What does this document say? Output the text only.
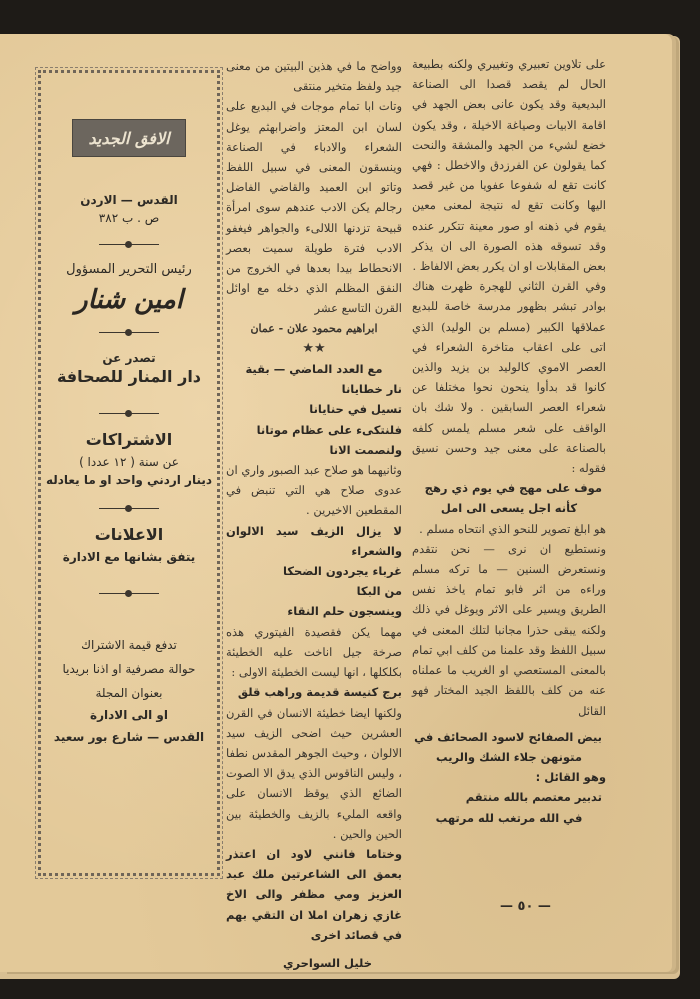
الافق الجديد
القدس — الاردن
ص . ب ٣٨٢
رئيس التحرير المسؤول
امين شنار
تصدر عن
دار المنار للصحافة
الاشتراكات
عن سنة ( ١٢ عددا )
دينار اردني واحد او ما يعادله
الاعلانات
يتفق بشانها مع الادارة
تدفع قيمة الاشتراك
حوالة مصرفية او اذنا بريديا
بعنوان المجلة
او الى الادارة
القدس — شارع بور سعيد

وواضح ما في هذين البيتين من معنى جيد ولفظ متخير منتقى

وتات ابا تمام موجات في البديع على لسان ابن المعتز واضرابهثم يوغل الشعراء والادباء في الصناعة وينسقون المعنى في سبيل اللفظ وتاتو ابن العميد والقاضي الفاضل رجالم يكن الادب عندهم سوى امرأة قبيحة تزدنها اللالىء والجواهر فيغفو الادب فترة طويلة سميت بعصر الانحطاط بيدا بعدها في الخروج من النفق المظلم الذي دخله مع اوائل القرن التاسع عشر

ابراهيم محمود علان - عمان

★★

مع العدد الماضي — بقية

نار خطايانا

تسيل في حنايانا

فلنتكىء على عظام موتانا

ولنصمت الانا

وثانيهما هو صلاح عبد الصبور واري ان عدوى صلاح هي التي تنبض في المقطعين الاخيرين .

لا يزال الزيف سيد الالوان والشعراء

غرباء يجردون الضحكا

من البكا

وينسجون حلم النقاء

مهما يكن فقصيدة الفيتوري هذه صرخة جيل اناخت عليه الخطيئة بكلكلها ، انها ليست الخطيئة الاولى :

برج كنيسة قديمة وراهب قلق

ولكنها ايضا خطيئة الانسان في القرن العشرين حيث اضحى الزيف سيد الالوان ، وحيث الجوهر المقدس نطفا ، وليس الناقوس الذي يدق الا الصوت الضائع الذي يوقظ الانسان على واقعه المليء بالزيف والخطيئة بين الحين والحين .

وختاما فانني لاود ان اعتذر بعمق الى الشاعرتين ملك عبد العزيز ومي مظفر والى الاخ غازي زهران املا ان التقي بهم في قصائد اخرى

خليل السواحري

على تلاوين تعبيري وتغييري ولكنه بطبيعة الحال لم يقصد قصدا الى الصناعة البديعية وقد يكون عانى بعض الجهد في اقامة الابيات وصياغة الاخيلة ، وقد يكون خضع لشيء من الجهد والمشقة والنحت كما يقولون عن الفرزدق والاخطل : فهي كانت تقع له شفوعا عفويا من غير قصد اليها وكانت تقع له نتيجة لمعنى معين يقوم في ذهنه او صور معينة تتكرر عنده وقد تسوقه هذه الصورة الى ان يذكر بعض المقابلات او ان يكرر بعض الالفاظ .

وفي القرن الثاني للهجرة ظهرت هناك بوادر تبشر بظهور مدرسة خاصة للبديع عملاقها الكبير (مسلم بن الوليد) الذي اتى على اعقاب متاخرة الشعراء في العصر الاموي كالوليد بن يزيد والذين كانوا قد بدأوا ينحون نحوا مختلفا عن شعراء العصر السابقين . ولا شك بان الواقف على شعر مسلم يلمس كلفه بالصناعة على معنى جيد وحسن نسيق فقوله :

موف على مهج في يوم ذي رهج

كأنه اجل يسعى الى امل

هو ابلغ تصوير للنحو الذي انتحاه مسلم .

ونستطيع ان نرى — نحن نتقدم ونستعرض السنين — ما تركه مسلم وراءه من اثر فابو تمام ياخذ نفس الطريق ويسير على الاثر ويوغل في ذلك ولكنه يبقى حذرا مجانبا لتلك المعنى في سبيل اللفظ وقد علمنا من كلف ابي تمام بالمعنى المستعصي او الغريب ما عملناه عنه من كلف باللفظ الجيد المختار فهو القائل

بيض الصفائح لاسود الصحائف في

متونهن جلاء الشك والريب

وهو القائل :

تدبير معتصم بالله منتقم

في الله مرتغب لله مرتهب

— ٥٠ —
